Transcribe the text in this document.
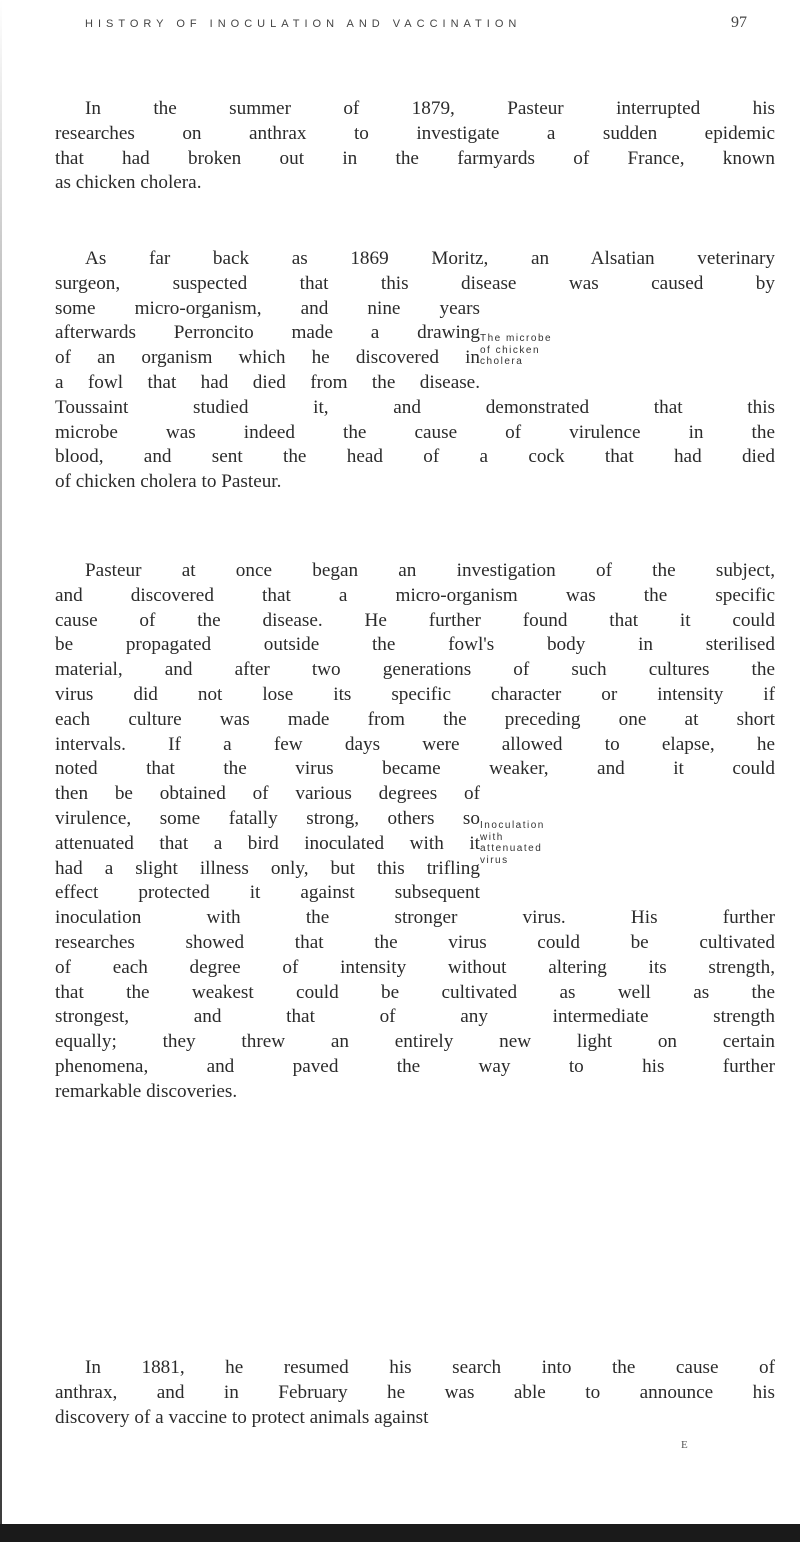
HISTORY OF INOCULATION AND VACCINATION	97
In the summer of 1879, Pasteur interrupted his
researches on anthrax to investigate a sudden epidemic
that had broken out in the farmyards of France, known
as chicken cholera.
As far back as 1869 Moritz, an Alsatian veterinary
surgeon, suspected that this disease was caused by
some micro-organism, and nine years
afterwards Perroncito made a drawing
of an organism which he discovered in
a fowl that had died from the disease.
Toussaint studied it, and demonstrated that this
microbe was indeed the cause of virulence in the
blood, and sent the head of a cock that had died
of chicken cholera to Pasteur.
The microbe
of chicken
cholera
Pasteur at once began an investigation of the subject,
and discovered that a micro-organism was the specific
cause of the disease. He further found that it could
be propagated outside the fowl's body in sterilised
material, and after two generations of such cultures the
virus did not lose its specific character or intensity if
each culture was made from the preceding one at short
intervals. If a few days were allowed to elapse, he
noted that the virus became weaker, and it could
then be obtained of various degrees of
virulence, some fatally strong, others so
attenuated that a bird inoculated with it
had a slight illness only, but this trifling
effect protected it against subsequent
inoculation with the stronger virus. His further
researches showed that the virus could be cultivated
of each degree of intensity without altering its strength,
that the weakest could be cultivated as well as the
strongest, and that of any intermediate strength
equally; they threw an entirely new light on certain
phenomena, and paved the way to his further
remarkable discoveries.
Inoculation
with
attenuated
virus
In 1881, he resumed his search into the cause of
anthrax, and in February he was able to announce his
discovery of a vaccine to protect animals against
E
